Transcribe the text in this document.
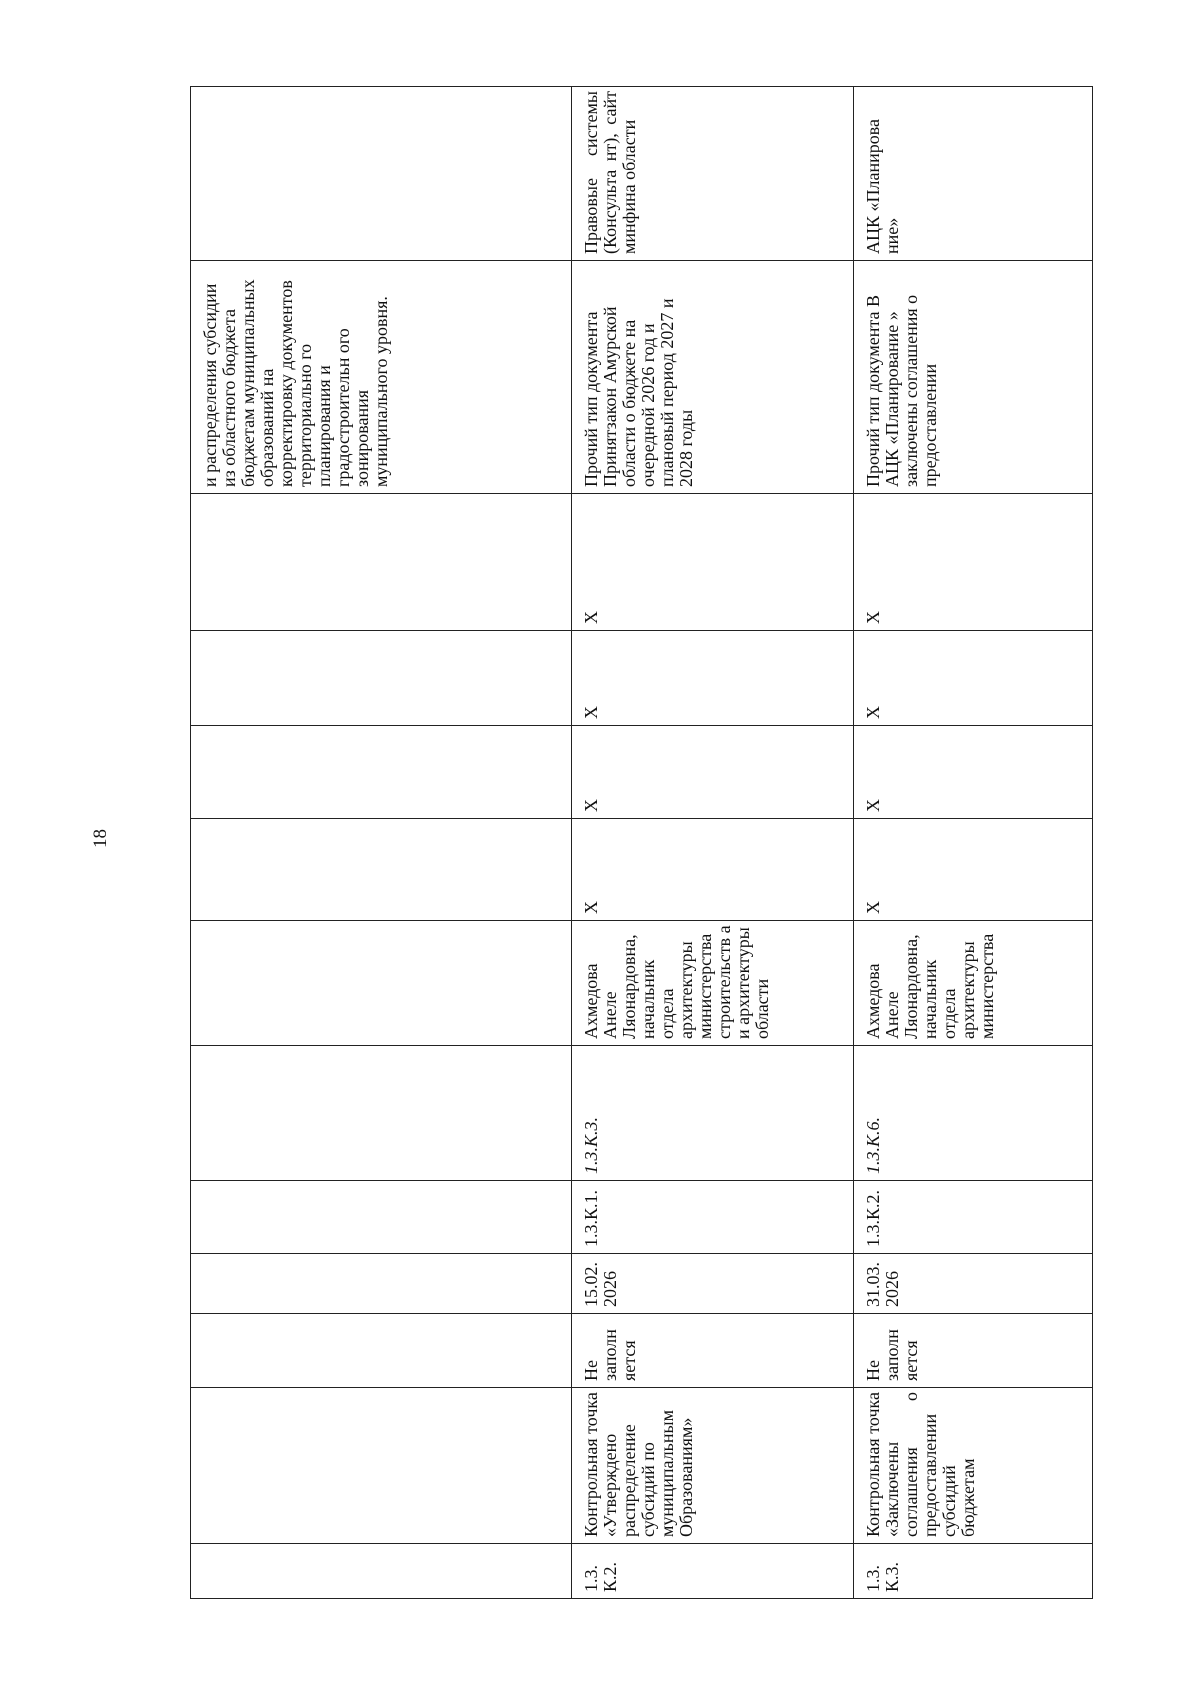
18
											и распределения субсидии из областного бюджета бюджетам муниципальных образований на корректировку документов территориально го планирования и градостроительн ого зонирования муниципального уровня.	
1.3. К.2.	Контрольная точка «Утверждено распределение субсидий по муниципальным Образованиям»	Не заполн яется	15.02. 2026	1.3.К.1.	1.3.К.3.	Ахмедова Анеле Ляонардовна, начальник отдела архитектуры министерства строительств а и архитектуры области	X	X	X	X	Прочий тип документа Принятзакон Амурской области о бюджете на очередной 2026 год и плановый период 2027 и 2028 годы	Правовые системы (Консульта нт), сайт минфина области
1.3. К.3.	Контрольная точка «Заключены соглашения о предоставлении субсидий бюджетам	Не заполн яется	31.03. 2026	1.3.К.2.	1.3.К.6.	Ахмедова Анеле Ляонардовна, начальник отдела архитектуры министерства	X	X	X	X	Прочий тип документа В АЦК «Планирование » заключены соглашения о предоставлении	АЦК «Планирова ние»
